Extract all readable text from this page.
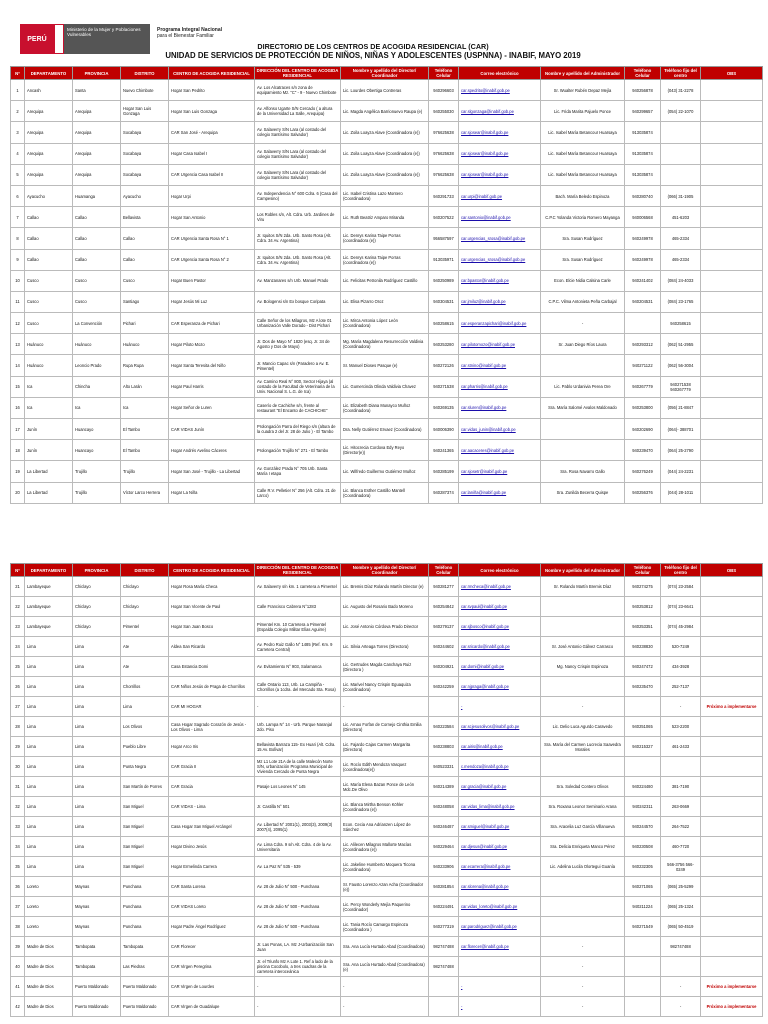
PERÚ
Ministerio de la Mujer y Poblaciones Vulnerables
Programa Integral Nacional
para el Bienestar Familiar
DIRECTORIO DE LOS CENTROS DE ACOGIDA RESIDENCIAL (CAR)
UNIDAD DE SERVICIOS DE PROTECCIÓN DE NIÑOS, NIÑAS Y ADOLESCENTES (USPNNA) - INABIF, MAYO 2019
Nº	DEPARTAMENTO	PROVINCIA	DISTRITO	CENTRO DE ACOGIDA RESIDENCIAL	DIRECCIÓN DEL CENTRO DE ACOGIDA RESIDENCIAL	Nombre y apellido del Director/ Coordinador	Teléfono Celular	Correo electrónico	Nombre y apellido del Administrador	Teléfono Celular	Teléfono fijo del centro	OBS
1	Ancash	Santa	Nuevo Chimbote	Hogar San Pedrito	Av. Los Alcatraces s/n zona de equipamiento Mz. "C" - 9 - Nuevo Chimbote	Lic. Lourdes Obertiga Contreras	940296603	car.spedrito@inabif.gob.pe	Sr. Wualter Rubén Depaz Mejía	940256878	(043) 31-2278	
2	Arequipa	Arequipa	Hogar San Luis Gonzaga	Hogar San Luis Gonzaga	Av. Alfonso Ugarte S/N Cercado ( a altura de la Universidad La Salle, Arequipa)	Lic. Magda Angélica Barrionuevo Raupa (e)	940255030	car.slgonzaga@inabif.gob.pe	Lic. Frida Marita Pajuelo Ponce	940299657	(054) 22-1070	
3	Arequipa	Arequipa	Socabaya	CAR San José - Arequipa	Av. Salaverry S/N Lara (al costado del colegio Santísimo Salvador)	Lic. Zoila Loayza Alave (Coordinadora (e))	976625638	car.sjosear@inabif.gob.pe	Lic. Isabel María Betancour Huarsaya	913035874		
4	Arequipa	Arequipa	Socabaya	Hogar Casa Isabel I	Av. Salaverry S/N Lara (al costado del colegio Santísimo Salvador)	Lic. Zoila Loayza Alave (Coordinadora (e))	976625638	car.sjosear@inabif.gob.pe	Lic. Isabel María Betancour Huarsaya	913035874		
5	Arequipa	Arequipa	Socabaya	CAR Urgencia Casa Isabel II	Av. Salaverry S/N Lara (al costado del colegio Santísimo Salvador)	Lic. Zoila Loayza Alave (Coordinadora (e))	976625638	car.sjosear@inabif.gob.pe	Lic. Isabel María Betancour Huarsaya	913035874		
6	Ayacucho	Huamanga	Ayacucho	Hogar Urpi	Av. Independencia N° 600 Cdra. 6 (Casa del Campesino)	Lic. Isabel Cristina Lazo Montero (Coordinadora)	940291733	car.urpi@inabif.gob.pe	Bach. María Beledo Espinoza	940280740	(066) 31-1905	
7	Callao	Callao	Bellavista	Hogar San Antonio	Los Robles s/n, Alt. Cdra. Urb. Jardines de Viru	Lic. Ruth Beatriz Amparo Miranda	940207522	car.santonio@inabif.gob.pe	C.P.C Yolanda Victoria Romero Mayanga	940006568	451-6203	
8	Callao	Callao	Callao	CAR Urgencia Santa Rosa N° 1	Jr. Iquitos S/N 2da. Urb. Santo Rosa (Alt. Cdra. 34 Av. Argentina)	Lic. Denrys Karina Taipe Porras (coordinadora (e))	956587597	car.urgencias_srosa@inabif.gob.pe	Sra. Susan Rodríguez	940249978	465-2334	
9	Callao	Callao	Callao	CAR Urgencia Santa Rosa N° 2	Jr. Iquitos S/N 2da. Urb. Santo Rosa (Alt. Cdra. 34 Av. Argentina)	Lic. Denrys Karina Taipe Porras (coordinadora (e))	913035971	car.urgencias_srosa@inabif.gob.pe	Sra. Susan Rodríguez	940249978	465-2334	
10	Cusco	Cusco	Cusco	Hogar Buen Pastor	Av. Manzanares s/n Urb. Manuel Prado	Lic. Felicitas Petronila Rodríguez Castillo	940250989	car.bpastor@inabif.gob.pe	Econ. Elcie Nidia Calsina Carle	940241402	(084) 24-4033	
11	Cusco	Cusco	Santiago	Hogar Jesús Mi Luz	Av. Bologensi s/n Ex bosque Coripata	Lic. Elisa Pizarro Oroz	940304531	car.jmiluz@inabif.gob.pe	C.P.C. Vilma Antonieta Peña Carbajal	940204531	(084) 23-1765	
12	Cusco	La Convención	Pichari	CAR Esperanza de Pichari	Calle Señor de los Milagros, Mz A lote 01 Urbanización Valle Dorado - Dist Pichari	Lic. Mirca Antonia López León (Coordinadora)	940258615	car.esperanzapichari@inabif.gob.pe	-		940258615	
13	Huánuco	Huánuco	Huánuco	Hogar Piloto Mozo	Jr. Dos de Mayo N° 1820 (esq. Jr. 34 de Agosto y Dos de Mayo)	Mg. María Magdalena Resurrección Valdivia (Coordinadora)	940253280	car.pilotomozo@inabif.gob.pe	Sr. Juan Diego Ríos Laura	940293312	(062) 51-2955	
14	Huánuco	Leoncio Prado	Rupa Rupa	Hogar Santa Teresita del Niño	Jr. Mancio Capac s/n (Paradero a Av. E. Pimentel)	Sr. Manuel Dioses Pasque (e)	940272126	car.stnino@inabif.gob.pe		940271122	(062) 56-3004	
15	Ica	Chincha	Alto Larán	Hogar Paul Harris	Av. Camino Real N° 800, Sector Hijaya (al costado de la Facultad de Veterinaria de la Univ. Nacional S. L.G. de Ica)	Lic. Gumercinda Olinda Valdivia Chavez	940271538	car.pharris@inabif.gob.pe	Lic. Pablo Urdanivia Perea Ore	940267779	940271538 940267779	
16	Ica	Ica	Ica	Hogar Señor de Luren	Caserío de Cachiche s/n, frente al restaurant "El Encanto de CACHICHE"	Lic. Elizabeth Diana Munayco Muñoz (Coordinadora)	940269135	car.sluren@inabif.gob.pe	Sra. María Salomé Avalos Maldonado	940253800	(056) 21-8847	
17	Junín	Huancayo	El Tambo	CAR VIDAS Junín	Prolongación Parra del Riego s/n (altura de la cuadra 2 del Jr. 28 de Julio ) - El Tambo	Dra. Nelly Gutiérrez Ervaez (Coordinadora)	940006390	car.vidas_junin@inabif.gob.pe		940202690	(064)- 388701	
18	Junín	Huancayo	El Tambo	Hogar Andrés Avelino Cáceres	Prolongación Trujillo N° 271 - El Tambo	Lic. Hitocrecia Cordova Edy Reyo (Director(e))	940241365	car.aacaceres@inabif.gob.pe		940239470	(064) 25-2790	
19	La Libertad	Trujillo	Trujillo	Hogar San José - Trujillo - La Libertad	Av. González Prada N° 705 Urb. Santa María I etapa	Lic. Wilfredo Guillermo Gutiérrez Muñoz	940285199	car.sjosetr@inabif.gob.pe	Sra. Rosa Navarro Gallo	940276249	(044) 24-2231	
20	La Libertad	Trujillo	Víctor Larco Herrera	Hogar La Niña	Calle R.V. Pelletier N° 256 (Alt. Cdra. 21 de Larco)	Lic. Blanca Esther Castillo Mantell (Coordinadora)	940287374	car.laniña@inabif.gob.pe	Sra. Zunilda Becerra Quispe	940256376	(044) 28-1011	
Nº	DEPARTAMENTO	PROVINCIA	DISTRITO	CENTRO DE ACOGIDA RESIDENCIAL	DIRECCIÓN DEL CENTRO DE ACOGIDA RESIDENCIAL	Nombre y apellido del Director/ Coordinador	Teléfono Celular	Correo electrónico	Nombre y apellido del Administrador	Teléfono Celular	Teléfono fijo del centro	OBS
21	Lambayeque	Chiclayo	Chiclayo	Hogar Rosa María Checa	Av. Salaverry s/n km. 1 carretera a Pimentel	Lic. Bremis Díaz Rolando Martín Director (e)	940281277	car.rmcheca@inabif.gob.pe	Sr. Rolando Martín Bremis Díaz	940274275	(074) 23-2584	
22	Lambayeque	Chiclayo	Chiclayo	Hogar San Vicente de Paul	Calle Francisco Cabrera N°1283	Lic. Augusto del Rosario Bado Moreno	940254842	car.svpaul@inabif.gob.pe		940253812	(074) 23-6641	
23	Lambayeque	Chiclayo	Pimentel	Hogar San Juan Bosco	Pimentel Km. 10 Carretera a Pimentel (Espalda Colegio Militar Elías Aguirre)	Lic. José Antonio Córdova Prado Director	940279137	car.sjbosco@inabif.gob.pe		940253351	(074) 45-2984	
24	Lima	Lima	Ate	Aldea San Ricardo	Av. Pedro Ruiz Gallo N° 1485 (Ref. Km. 9 Carretera Central)	Lic. Silvia Arteaga Torres (Directora)	940244602	car.sricardo@inabif.gob.pe	Sr. José Antonio Gálvez Carrasco	940238830	520-7249	
25	Lima	Lima	Ate	Casa Estancia Domi	Av. Evitamiento N° 903, Salamanca	Lic. Gertrudes Magda Canchaya Ruiz (Directora )	940204921	car.domi@inabif.gob.pe	Mg. Nancy Crispin Espinoza	940247472	434-3928	
26	Lima	Lima	Chorrillos	CAR Niños Jesús de Praga de Chorrillos	Calle Ontario 113, Urb. La Campiña - Chorrillos (a 1cdra. del Mercado Sta. Rosa)	Lic. Marivel Nancy Crispin Eguaquiza (Coordinadora)	940242259	car.njpraga@inabif.gob.pe		940235470	252-7137	
27	Lima	Lima	Lima	CAR MI HOGAR	-	-		-	-		-	Próximo a implementarse
28	Lima	Lima	Los Olivos	Casa Hogar Sagrado Corazón de Jesús - Los Olivos - Lima	Urb. Lampa N° 14 - Urb. Parque Naranjal 2do. Piso	Lic. Arnao Forfan de Cornejo Cinthia Emilia (Directora)	940223584	car.scjesusolivos@inabif.gob.pe	Lic. Delio Luca Agurdo Caravedo	940251065	523-2200	
29	Lima	Lima	Pueblo Libre	Hogar Arco Iris	Bellavista Barraza 115- Ex Huari (Alt. Cdra. 15 Av. Bolívar)	Lic. Fajardo Cajas Carmen Margarita (Directora)	940238803	car.airis@inabif.gob.pe	Sra. María del Carmen Lucrecia Saavedra Morales	940215327	461-2433	
30	Lima	Lima	Punta Negra	CAR Gracia II	Mz L1 Lote 21A de la calle Malecón Norte S/N, urbanización Programa Municipal de Vivienda Cercado de Punta Negra	Lic. Rocío Edith Mendoza Vasquez (coordinadora(e))	940523331	c.mendoza@inabif.gob.pe				
31	Lima	Lima	San Martín de Porres	CAR Gracia	Pasaje Los Leones N° 145	Lic. María Elena Bazan Ponce de León Mdc.De Olivo	940214389	car.gracia@inabif.gob.pe	Sra. Soledad Contero Olivos	940224480	381-7190	
32	Lima	Lima	San Miguel	CAR VIDAS - Lima	Jr. Castilla N° 501	Lic. Blanca Mirtha Benson Köhler (Coordinadora (e))	940248058	car.vidas_lima@inabif.gob.pe	Sra. Roxana Leonor Seminario Arana	940242311	263-0669	
33	Lima	Lima	San Miguel	Casa Hogar San Miguel Arcángel	Av. Libertad N° 2001(1), 2003(3), 2009(3) 2007(4), 2095(1)	Econ. Cecia Ana Adrianzen López de Sánchez	940246487	car.smiguel@inabif.gob.pe	Sra. Aracelia Luz García Villanueva	940244570	264-7522	
34	Lima	Lima	San Miguel	Hogar Divino Jesús	Av. Lima Cdra. 9 s/n Alt. Cdra. 4 de la Av. Universitaria	Lic. Alilecen Milagros Mallorte Macías (Coordinadora (e))	940229464	car.djesus@inabif.gob.pe	Sra. Delicia Enriqueta Manco Pérez	940230508	460-7720	
35	Lima	Lima	San Miguel	Hogar Ermelinda Carrera	Av. La Paz N° 535 - 539	Lic. Jakeline Humberto Moquera Ticona (Coordinadora)	940233906	car.ecarrera@inabif.gob.pe	Lic. Adelina Lucila Olortegui Guanía	940232305	566-3756 566-0249	
36	Loreto	Maynas	Punchana	CAR Santa Lorena	Av. 28 de Julio N° 500 - Punchana	Sr. Fausto Lorenzo Azan Acha (Coordinador (e))	940281854	car.slorena@inabif.gob.pe		940271065	(065) 25-5299	
37	Loreto	Maynas	Punchana	CAR VIDAS Loreto	Av. 28 de Julio N° 500 - Punchana	Lic. Percy Wonderly Mejía Paquerino (Coordinador)	940224491	car.vidas_loreto@inabif.gob.pe		940211224	(065) 25-1324	
38	Loreto	Maynas	Punchana	Hogar Padre Ángel Rodríguez	Av. 28 de Julio N° 500 - Punchana	Lic. Tania Rocío Camargo Espinoza (Coordinadora )	940277319	car.parodriguez@inabif.gob.pe		940271549	(065) 50-4519	
39	Madre de Dios	Tambopata	Tambopata	CAR Florecer	Jr. Las Ponas, LA. Mz J-Urbanización San Juan	Sra. Ana Lucía Hurtado Abad (Coordinadora)	982747488	car.florecer@inabif.gob.pe	-		982747488	
40	Madre de Dios	Tambopata	Las Piedras	CAR Virgen Peregrina	Jr. el Triunfo Mz A Lote 1. Ref a lado de la piscina Cocobolo, a tres cuadras de la carretera interoceánica	Sra. Ana Lucía Hurtado Abad (Coordinadora)(e)	982747488		-			
41	Madre de Dios	Puerto Maldonado	Puerto Maldonado	CAR Virgen de Lourdes	-	-		-	-		-	Próximo a implementarse
42	Madre de Dios	Puerto Maldonado	Puerto Maldonado	CAR Virgen de Guadalupe	-	-		-	-		-	Próximo a implementarse
